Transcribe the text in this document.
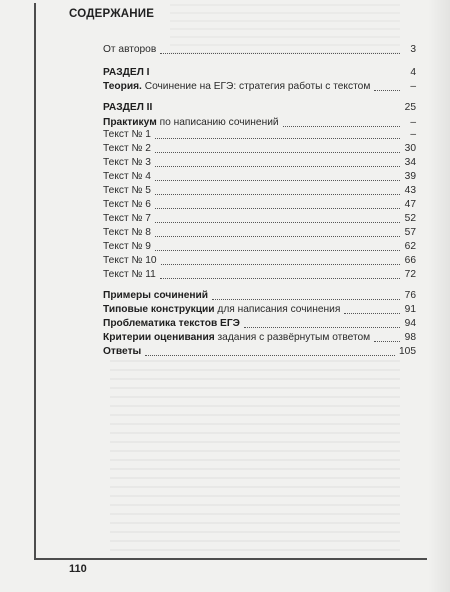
СОДЕРЖАНИЕ
От авторов	3
РАЗДЕЛ I	4
Теория. Сочинение на ЕГЭ: стратегия работы с текстом	–
РАЗДЕЛ II	25
Практикум по написанию сочинений	–
Текст № 1	–
Текст № 2	30
Текст № 3	34
Текст № 4	39
Текст № 5	43
Текст № 6	47
Текст № 7	52
Текст № 8	57
Текст № 9	62
Текст № 10	66
Текст № 11	72
Примеры сочинений	76
Типовые конструкции для написания сочинения	91
Проблематика текстов ЕГЭ	94
Критерии оценивания задания с развёрнутым ответом	98
Ответы	105
110
